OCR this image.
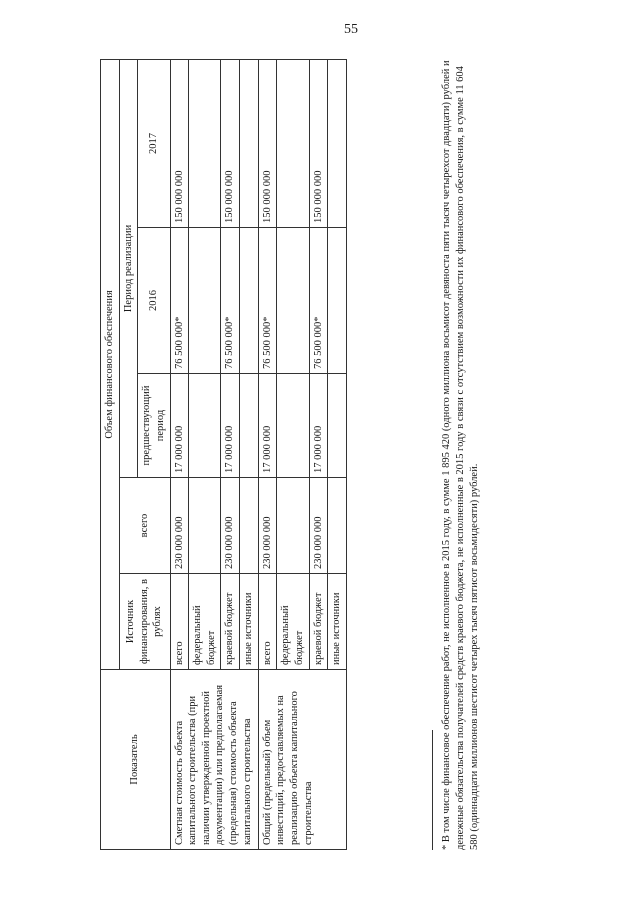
55
Показатель	Объем финансового обеспечения				
	Источник финансирования, в рублях	всего	Период реализации		
			предшествующий период	2016	2017
Сметная стоимость объекта капитального строительства (при наличии утвержденной проектной документации) или предполагаемая (предельная) стоимость объекта капитального строительства	всего	230 000 000	17 000 000	76 500 000*	150 000 000
	федеральный бюджет				
	краевой бюджет	230 000 000	17 000 000	76 500 000*	150 000 000
	иные источники				
Общий (предельный) объем инвестиций, предоставляемых на реализацию объекта капитального строительства	всего	230 000 000	17 000 000	76 500 000*	150 000 000
	федеральный бюджет				
	краевой бюджет	230 000 000	17 000 000	76 500 000*	150 000 000
	иные источники					* В том числе финансовое обеспечение работ, не исполненное в 2015 году, в сумме 1 895 420 (одного миллиона восьмисот девяноста пяти тысяч четырехсот двадцати) рублей и денежные обязательства получателей средств краевого бюджета, не исполненные в 2015 году в связи с отсутствием возможности их финансового обеспечения, в сумме 11 604 580 (одиннадцати миллионов шестисот четырех тысяч пятисот восьмидесяти) рублей.
